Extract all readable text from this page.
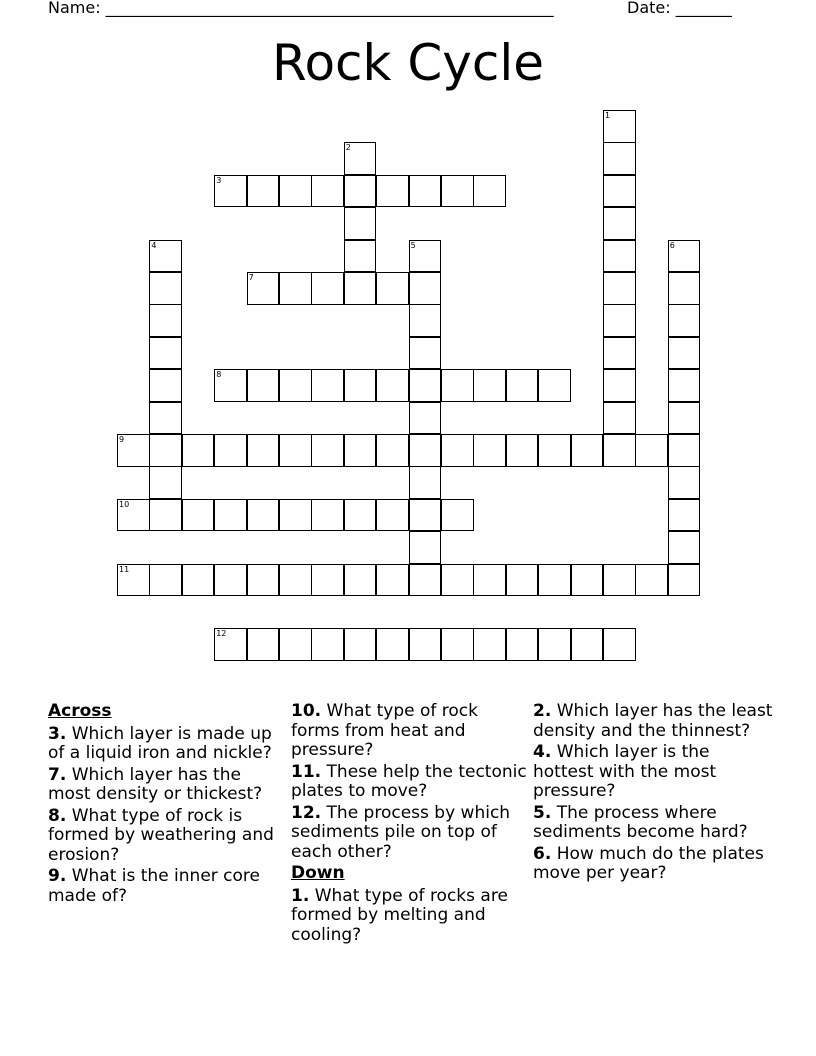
Name: ________________________________________________________	Date: _______
Rock Cycle
1
2
3
4	5	6
7
8
9
10
11
12
Across
3. Which layer is made up of a liquid iron and nickle?
7. Which layer has the most density or thickest?
8. What type of rock is formed by weathering and erosion?
9. What is the inner core made of?
10. What type of rock forms from heat and pressure?
11. These help the tectonic plates to move?
12. The process by which sediments pile on top of each other?
Down
1. What type of rocks are formed by melting and cooling?
2. Which layer has the least density and the thinnest?
4. Which layer is the hottest with the most pressure?
5. The process where sediments become hard?
6. How much do the plates move per year?
